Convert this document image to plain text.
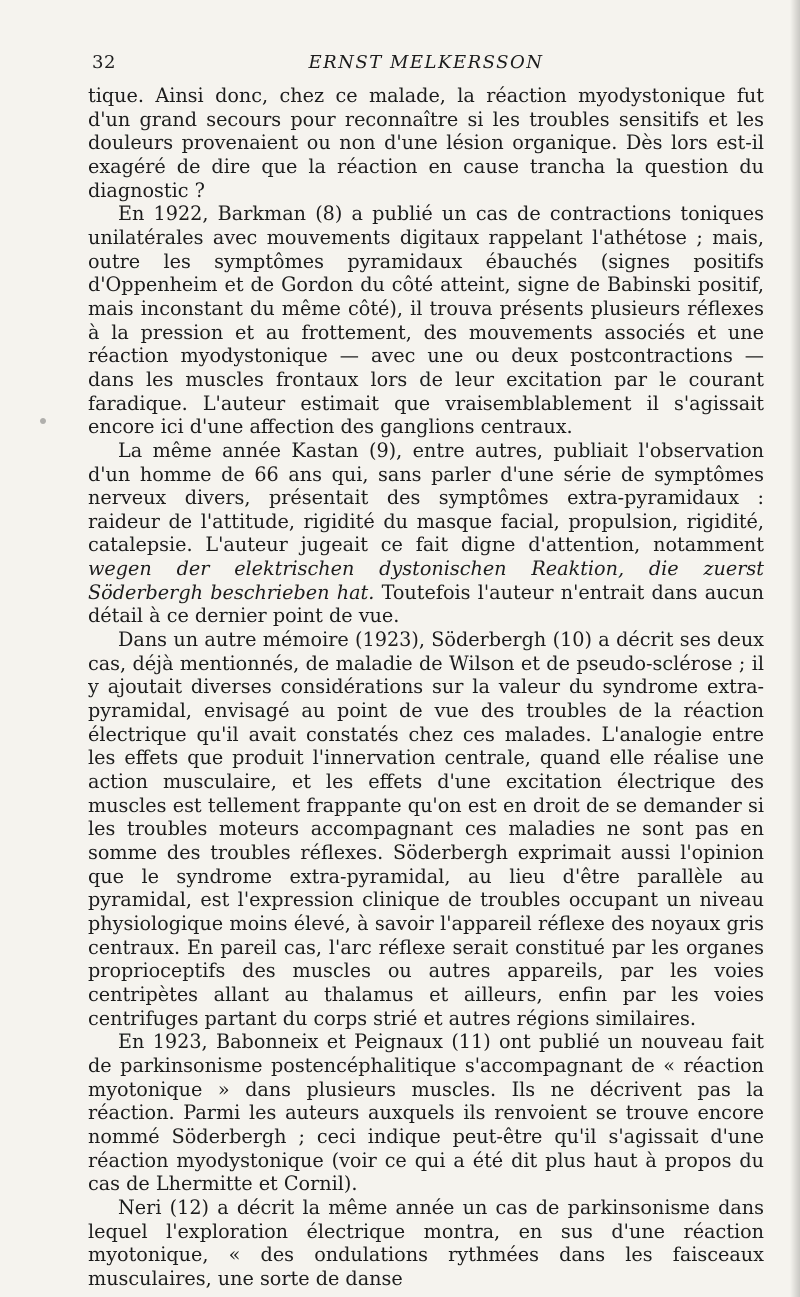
32	ERNST MELKERSSON

tique. Ainsi donc, chez ce malade, la réaction myodystonique fut d'un grand secours pour reconnaître si les troubles sensitifs et les douleurs provenaient ou non d'une lésion organique. Dès lors est-il exagéré de dire que la réaction en cause trancha la question du diagnostic ?

En 1922, Barkman (8) a publié un cas de contractions toniques unilatérales avec mouvements digitaux rappelant l'athétose ; mais, outre les symptômes pyramidaux ébauchés (signes positifs d'Oppenheim et de Gordon du côté atteint, signe de Babinski positif, mais inconstant du même côté), il trouva présents plusieurs réflexes à la pression et au frottement, des mouvements associés et une réaction myodystonique — avec une ou deux postcontractions — dans les muscles frontaux lors de leur excitation par le courant faradique. L'auteur estimait que vraisemblablement il s'agissait encore ici d'une affection des ganglions centraux.

La même année Kastan (9), entre autres, publiait l'observation d'un homme de 66 ans qui, sans parler d'une série de symptômes nerveux divers, présentait des symptômes extra-pyramidaux : raideur de l'attitude, rigidité du masque facial, propulsion, rigidité, catalepsie. L'auteur jugeait ce fait digne d'attention, notamment wegen der elektrischen dystonischen Reaktion, die zuerst Söderbergh beschrieben hat. Toutefois l'auteur n'entrait dans aucun détail à ce dernier point de vue.

Dans un autre mémoire (1923), Söderbergh (10) a décrit ses deux cas, déjà mentionnés, de maladie de Wilson et de pseudo-sclérose ; il y ajoutait diverses considérations sur la valeur du syndrome extra-pyramidal, envisagé au point de vue des troubles de la réaction électrique qu'il avait constatés chez ces malades. L'analogie entre les effets que produit l'innervation centrale, quand elle réalise une action musculaire, et les effets d'une excitation électrique des muscles est tellement frappante qu'on est en droit de se demander si les troubles moteurs accompagnant ces maladies ne sont pas en somme des troubles réflexes. Söderbergh exprimait aussi l'opinion que le syndrome extra-pyramidal, au lieu d'être parallèle au pyramidal, est l'expression clinique de troubles occupant un niveau physiologique moins élevé, à savoir l'appareil réflexe des noyaux gris centraux. En pareil cas, l'arc réflexe serait constitué par les organes proprioceptifs des muscles ou autres appareils, par les voies centripètes allant au thalamus et ailleurs, enfin par les voies centrifuges partant du corps strié et autres régions similaires.

En 1923, Babonneix et Peignaux (11) ont publié un nouveau fait de parkinsonisme postencéphalitique s'accompagnant de « réaction myotonique » dans plusieurs muscles. Ils ne décrivent pas la réaction. Parmi les auteurs auxquels ils renvoient se trouve encore nommé Söderbergh ; ceci indique peut-être qu'il s'agissait d'une réaction myodystonique (voir ce qui a été dit plus haut à propos du cas de Lhermitte et Cornil).

Neri (12) a décrit la même année un cas de parkinsonisme dans lequel l'exploration électrique montra, en sus d'une réaction myotonique, « des ondulations rythmées dans les faisceaux musculaires, une sorte de danse
